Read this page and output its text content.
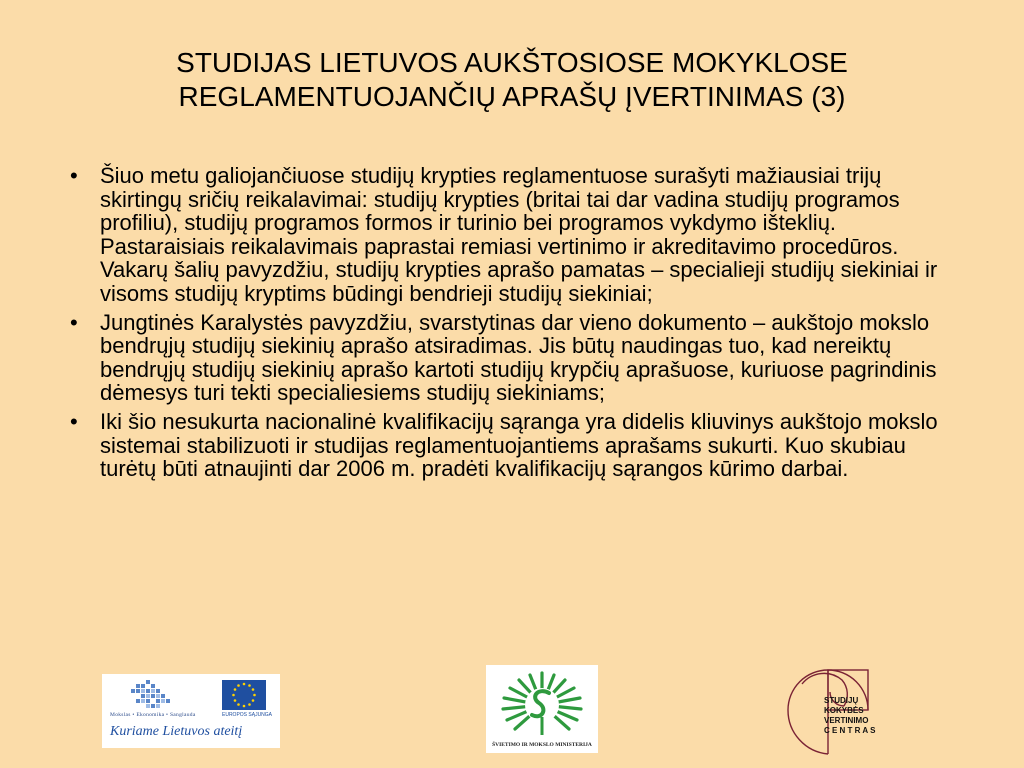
STUDIJAS LIETUVOS AUKŠTOSIOSE MOKYKLOSE
REGLAMENTUOJANČIŲ APRAŠŲ ĮVERTINIMAS (3)
• Šiuo metu galiojančiuose studijų krypties reglamentuose surašyti mažiausiai trijų skirtingų sričių reikalavimai: studijų krypties (britai tai dar vadina studijų programos profiliu), studijų programos formos ir turinio bei programos vykdymo išteklių. Pastaraisiais reikalavimais paprastai remiasi vertinimo ir akreditavimo procedūros. Vakarų šalių pavyzdžiu, studijų krypties aprašo pamatas – specialieji studijų siekiniai ir visoms studijų kryptims būdingi bendrieji studijų siekiniai;
• Jungtinės Karalystės pavyzdžiu, svarstytinas dar vieno dokumento – aukštojo mokslo bendrųjų studijų siekinių aprašo atsiradimas. Jis būtų naudingas tuo, kad nereiktų bendrųjų studijų siekinių aprašo kartoti studijų krypčių aprašuose, kuriuose pagrindinis dėmesys turi tekti specialiesiems studijų siekiniams;
• Iki šio nesukurta nacionalinė kvalifikacijų sąranga yra didelis kliuvinys aukštojo mokslo sistemai stabilizuoti ir studijas reglamentuojantiems aprašams sukurti. Kuo skubiau turėtų būti atnaujinti dar 2006 m. pradėti kvalifikacijų sąrangos kūrimo darbai.
Mokslas • Ekonomika • Sanglauda	EUROPOS SĄJUNGA
Kuriame Lietuvos ateitį
ŠVIETIMO IR MOKSLO MINISTERIJA
STUDIJŲ
KOKYBĖS
VERTINIMO
C E N T R A S
